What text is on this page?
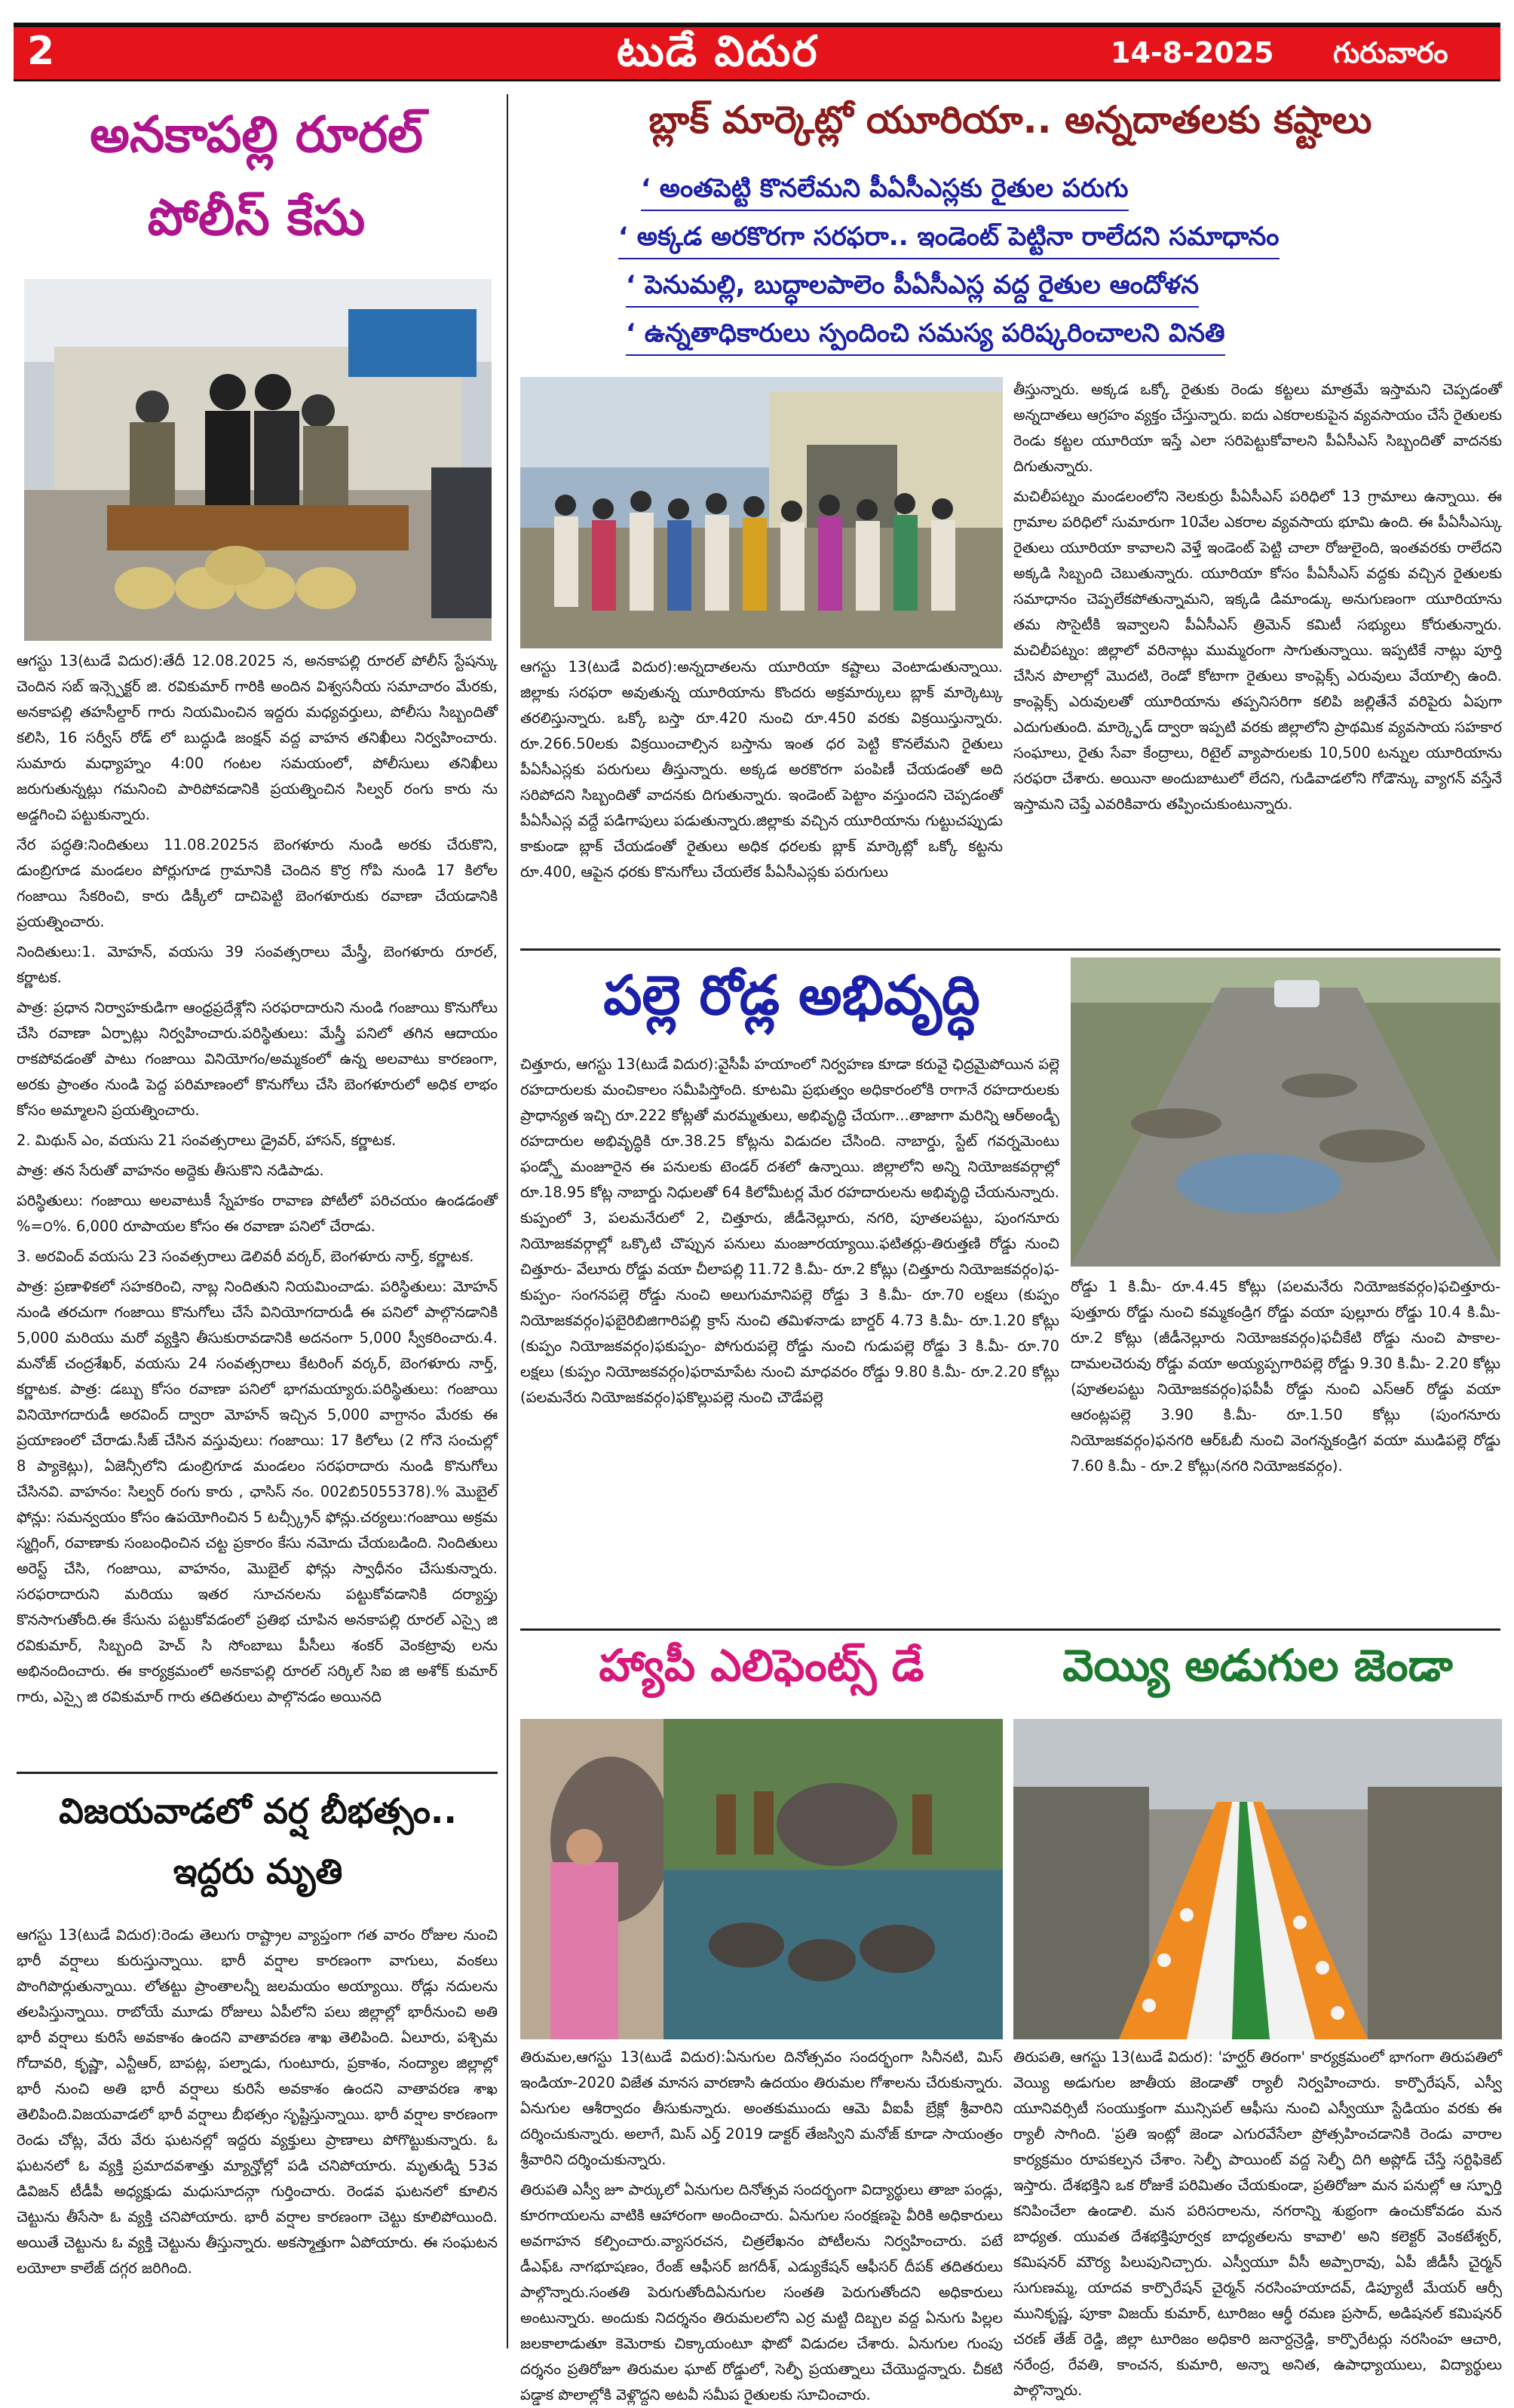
2	టుడే విదుర	14-8-2025 గురువారం
అనకాపల్లి రూరల్
పోలీస్ కేసు

ఆగస్టు 13(టుడే విదుర):తేదీ 12.08.2025 న, అనకాపల్లి రూరల్ పోలీస్ స్టేషన్కు చెందిన సబ్ ఇన్స్పెక్టర్ జి. రవికుమార్ గారికి అందిన విశ్వసనీయ సమాచారం మేరకు, అనకాపల్లి తహసీల్దార్ గారు నియమించిన ఇద్దరు మధ్యవర్తులు, పోలీసు సిబ్బందితో కలిసి, 16 సర్వీస్ రోడ్ లో బుద్ధుడి జంక్షన్ వద్ద వాహన తనిఖీలు నిర్వహించారు. సుమారు మధ్యాహ్నం 4:00 గంటల సమయంలో, పోలీసులు తనిఖీలు జరుగుతున్నట్లు గమనించి పారిపోవడానికి ప్రయత్నించిన సిల్వర్ రంగు కారు ను అడ్డగించి పట్టుకున్నారు.

నేర పద్ధతి:నిందితులు 11.08.2025న బెంగళూరు నుండి అరకు చేరుకొని, డుంబ్రిగూడ మండలం పోర్లుగూడ గ్రామానికి చెందిన కొర్ర గోపి నుండి 17 కిలోల గంజాయి సేకరించి, కారు డిక్కీలో దాచిపెట్టి బెంగళూరుకు రవాణా చేయడానికి ప్రయత్నించారు.

నిందితులు:1. మోహన్, వయసు 39 సంవత్సరాలు మేస్త్రీ, బెంగళూరు రూరల్, కర్ణాటక.

పాత్ర: ప్రధాన నిర్వాహకుడిగా ఆంధ్రప్రదేశ్లోని సరఫరాదారుని నుండి గంజాయి కొనుగోలు చేసి రవాణా ఏర్పాట్లు నిర్వహించారు.పరిస్థితులు: మేస్త్రీ పనిలో తగిన ఆదాయం రాకపోవడంతో పాటు గంజాయి వినియోగం/అమ్మకంలో ఉన్న అలవాటు కారణంగా, అరకు ప్రాంతం నుండి పెద్ద పరిమాణంలో కొనుగోలు చేసి బెంగళూరులో అధిక లాభం కోసం అమ్మాలని ప్రయత్నించారు.

2. మిథున్ ఎం, వయసు 21 సంవత్సరాలు డ్రైవర్, హాసన్, కర్ణాటక.

పాత్ర: తన సేరుతో వాహనం అద్దెకు తీసుకొని నడిపాడు.

పరిస్థితులు: గంజాయి అలవాటుకీ స్నేహకం రావాణ పోటీలో పరిచయం ఉండడంతో %=౦%. 6,000 రూపాయల కోసం ఈ రవాణా పనిలో చేరాడు.

3. అరవింద్ వయసు 23 సంవత్సరాలు డెలివరీ వర్కర్, బెంగళూరు నార్త్, కర్ణాటక.

పాత్ర: ప్రణాళికలో సహకరించి, నాబ్ల నిందితుని నియమించాడు. పరిస్థితులు: మోహన్ నుండి తరచుగా గంజాయి కొనుగోలు చేసే వినియోగదారుడీ ఈ పనిలో పాల్గొనడానికి 5,000 మరియు మరో వ్యక్తిని తీసుకురావడానికి అదనంగా 5,000 స్వీకరించారు.4. మనోజ్ చంద్రశేఖర్, వయసు 24 సంవత్సరాలు కేటరింగ్ వర్కర్, బెంగళూరు నార్త్, కర్ణాటక. పాత్ర: డబ్బు కోసం రవాణా పనిలో భాగమయ్యారు.పరిస్థితులు: గంజాయి వినియోగదారుడీ అరవింద్ ద్వారా మోహన్ ఇచ్చిన 5,000 వాగ్దానం మేరకు ఈ ప్రయాణంలో చేరాడు.సీజ్ చేసిన వస్తువులు: గంజాయి: 17 కిలోలు (2 గోనె సంచుల్లో 8 ప్యాకెట్లు), ఏజెన్సీలోని డుంబ్రిగూడ మండలం సరఫరాదారు నుండి కొనుగోలు చేసినవి. వాహనం: సిల్వర్ రంగు కారు , ఛాసిస్ నం. 002బి5055378).% మొబైల్ ఫోన్లు: సమన్వయం కోసం ఉపయోగించిన 5 టచ్స్క్రీన్ ఫోన్లు.చర్యలు:గంజాయి అక్రమ స్మగ్లింగ్, రవాణాకు సంబంధించిన చట్ట ప్రకారం కేసు నమోదు చేయబడింది. నిందితులు అరెస్ట్ చేసి, గంజాయి, వాహనం, మొబైల్ ఫోన్లు స్వాధీనం చేసుకున్నారు. సరఫరాదారుని మరియు ఇతర సూచనలను పట్టుకోవడానికి దర్యాప్తు కొనసాగుతోంది.ఈ కేసును పట్టుకోవడంలో ప్రతిభ చూపిన అనకాపల్లి రూరల్ ఎస్సై జి రవికుమార్, సిబ్బంది హెచ్ సి సోంబాబు పీసీలు శంకర్ వెంకట్రావు లను అభినందించారు. ఈ కార్యక్రమంలో అనకాపల్లి రూరల్ సర్కిల్ సిఐ జి అశోక్ కుమార్ గారు, ఎస్సై జి రవికుమార్ గారు తదితరులు పాల్గొనడం అయినది

విజయవాడలో వర్ష బీభత్సం..
ఇద్దరు మృతి

ఆగస్టు 13(టుడే విదుర):రెండు తెలుగు రాష్ట్రాల వ్యాప్తంగా గత వారం రోజుల నుంచి భారీ వర్షాలు కురుస్తున్నాయి. భారీ వర్షాల కారణంగా వాగులు, వంకలు పొంగిపొర్లుతున్నాయి. లోతట్టు ప్రాంతాలన్నీ జలమయం అయ్యాయి. రోడ్లు నదులను తలపిస్తున్నాయి. రాబోయే మూడు రోజులు ఏపీలోని పలు జిల్లాల్లో భారీనుంచి అతి భారీ వర్షాలు కురిసే అవకాశం ఉందని వాతావరణ శాఖ తెలిపింది. ఏలూరు, పశ్చిమ గోదావరి, కృష్ణా, ఎన్టీఆర్, బాపట్ల, పల్నాడు, గుంటూరు, ప్రకాశం, నంద్యాల జిల్లాల్లో భారీ నుంచి అతి భారీ వర్షాలు కురిసే అవకాశం ఉందని వాతావరణ శాఖ తెలిపింది.విజయవాడలో భారీ వర్షాలు బీభత్సం సృష్టిస్తున్నాయి. భారీ వర్షాల కారణంగా రెండు చోట్ల, వేరు వేరు ఘటనల్లో ఇద్దరు వ్యక్తులు ప్రాణాలు పోగొట్టుకున్నారు. ఓ ఘటనలో ఓ వ్యక్తి ప్రమాదవశాత్తు మ్యాన్హోల్లో పడి చనిపోయారు. మృతుడ్ని 53వ డివిజన్ టీడీపీ అధ్యక్షుడు మధుసూదన్గా గుర్తించారు. రెండవ ఘటనలో కూలిన చెట్టును తీసేసా ఓ వ్యక్తి చనిపోయారు. భారీ వర్షాల కారణంగా చెట్టు కూలిపోయింది. అయితే చెట్టును ఓ వ్యక్తి చెట్టును తీస్తున్నారు. అకస్మాత్తుగా ఏపోయారు. ఈ సంఘటన లయోలా కాలేజ్ దగ్గర జరిగింది.

బ్లాక్ మార్కెట్లో యూరియా.. అన్నదాతలకు కష్టాలు
‘ అంతపెట్టి కొనలేమని పీఏసీఎస్లకు రైతుల పరుగు
‘ అక్కడ అరకొరగా సరఫరా.. ఇండెంట్ పెట్టినా రాలేదని సమాధానం
‘ పెనుమల్లి, బుద్ధాలపాలెం పీఏసీఎస్ల వద్ద రైతుల ఆందోళన
‘ ఉన్నతాధికారులు స్పందించి సమస్య పరిష్కరించాలని వినతి

ఆగస్టు 13(టుడే విదుర):అన్నదాతలను యూరియా కష్టాలు వెంటాడుతున్నాయి. జిల్లాకు సరఫరా అవుతున్న యూరియాను కొందరు అక్రమార్కులు బ్లాక్ మార్కెట్కు తరలిస్తున్నారు. ఒక్కో బస్తా రూ.420 నుంచి రూ.450 వరకు విక్రయిస్తున్నారు. రూ.266.50లకు విక్రయించాల్సిన బస్తాను ఇంత ధర పెట్టి కొనలేమని రైతులు పీఏసీఎస్లకు పరుగులు తీస్తున్నారు. అక్కడ అరకొరగా పంపిణీ చేయడంతో అది సరిపోదని సిబ్బందితో వాదనకు దిగుతున్నారు. ఇండెంట్ పెట్టాం వస్తుందని చెప్పడంతో పీఏసీఎస్ల వద్దే పడిగాపులు పడుతున్నారు.జిల్లాకు వచ్చిన యూరియాను గుట్టుచప్పుడు కాకుండా బ్లాక్ చేయడంతో రైతులు అధిక ధరలకు బ్లాక్ మార్కెట్లో ఒక్కో కట్టను రూ.400, ఆపైన ధరకు కొనుగోలు చేయలేక పీఏసీఎస్లకు పరుగులు

తీస్తున్నారు. అక్కడ ఒక్కో రైతుకు రెండు కట్టలు మాత్రమే ఇస్తామని చెప్పడంతో అన్నదాతలు ఆగ్రహం వ్యక్తం చేస్తున్నారు. ఐదు ఎకరాలకుపైన వ్యవసాయం చేసే రైతులకు రెండు కట్టల యూరియా ఇస్తే ఎలా సరిపెట్టుకోవాలని పీఏసీఎస్ సిబ్బందితో వాదనకు దిగుతున్నారు.

మచిలీపట్నం మండలంలోని నెలకుర్రు పీఏసీఎస్ పరిధిలో 13 గ్రామాలు ఉన్నాయి. ఈ గ్రామాల పరిధిలో సుమారుగా 10వేల ఎకరాల వ్యవసాయ భూమి ఉంది. ఈ పీఏసీఎస్కు రైతులు యూరియా కావాలని వెళ్తే ఇండెంట్ పెట్టి చాలా రోజులైంది, ఇంతవరకు రాలేదని అక్కడి సిబ్బంది చెబుతున్నారు. యూరియా కోసం పీఏసీఎస్ వద్దకు వచ్చిన రైతులకు సమాధానం చెప్పలేకపోతున్నామని, ఇక్కడి డిమాండ్కు అనుగుణంగా యూరియాను తమ సొసైటీకి ఇవ్వాలని పీఏసీఎస్ త్రిమెన్ కమిటీ సభ్యులు కోరుతున్నారు. మచిలీపట్నం: జిల్లాలో వరినాట్లు ముమ్మరంగా సాగుతున్నాయి. ఇప్పటికే నాట్లు పూర్తి చేసిన పొలాల్లో మొదటి, రెండో కోటాగా రైతులు కాంప్లెక్స్ ఎరువులు వేయాల్సి ఉంది. కాంప్లెక్స్ ఎరువులతో యూరియాను తప్పనిసరిగా కలిపి జల్లితేనే వరిపైరు ఏపుగా ఎదుగుతుంది. మార్క్ఫెడ్ ద్వారా ఇప్పటి వరకు జిల్లాలోని ప్రాథమిక వ్యవసాయ సహకార సంఘాలు, రైతు సేవా కేంద్రాలు, రిటైల్ వ్యాపారులకు 10,500 టన్నుల యూరియాను సరఫరా చేశారు. అయినా అందుబాటులో లేదని, గుడివాడలోని గోడౌన్కు వ్యాగన్ వస్తేనే ఇస్తామని చెప్తే ఎవరికివారు తప్పించుకుంటున్నారు.

పల్లె రోడ్ల అభివృద్ధి

చిత్తూరు, ఆగస్టు 13(టుడే విదుర):వైసీపీ హయాంలో నిర్వహణ కూడా కరువై ఛిద్రమైపోయిన పల్లె రహదారులకు మంచికాలం సమీపిస్తోంది. కూటమి ప్రభుత్వం అధికారంలోకి రాగానే రహదారులకు ప్రాధాన్యత ఇచ్చి రూ.222 కోట్లతో మరమ్మతులు, అభివృద్ధి చేయగా...తాజాగా మరిన్ని ఆర్అండ్బీ రహదారుల అభివృద్ధికి రూ.38.25 కోట్లను విడుదల చేసింది. నాబార్డు, స్టేట్ గవర్నమెంటు ఫండ్స్తో మంజూరైన ఈ పనులకు టెండర్ దశలో ఉన్నాయి. జిల్లాలోని అన్ని నియోజకవర్గాల్లో రూ.18.95 కోట్ల నాబార్డు నిధులతో 64 కిలోమీటర్ల మేర రహదారులను అభివృద్ధి చేయనున్నారు. కుప్పంలో 3, పలమనేరులో 2, చిత్తూరు, జీడీనెల్లూరు, నగరి, పూతలపట్టు, పుంగనూరు నియోజకవర్గాల్లో ఒక్కొటి చొప్పున పనులు మంజూరయ్యాయి.ఫటితర్లు-తిరుత్తణి రోడ్డు నుంచి చిత్తూరు- వేలూరు రోడ్డు వయా చీలాపల్లి 11.72 కి.మీ- రూ.2 కోట్లు (చిత్తూరు నియోజకవర్గం)ఫ-కుప్పం- సంగనపల్లె రోడ్డు నుంచి అలుగుమానిపల్లె రోడ్డు 3 కి.మీ- రూ.70 లక్షలు (కుప్పం నియోజకవర్గం)ఫబైరిబిజిగారిపల్లి క్రాస్ నుంచి తమిళనాడు బార్డర్ 4.73 కి.మీ- రూ.1.20 కోట్లు (కుప్పం నియోజకవర్గం)ఫకుప్పం- పోగురుపల్లె రోడ్డు నుంచి గుడుపల్లె రోడ్డు 3 కి.మీ- రూ.70 లక్షలు (కుప్పం నియోజకవర్గం)ఫరామాపేట నుంచి మాధవరం రోడ్డు 9.80 కి.మీ- రూ.2.20 కోట్లు (పలమనేరు నియోజకవర్గం)ఫకొల్లుపల్లె నుంచి చౌడేపల్లె

రోడ్డు 1 కి.మీ- రూ.4.45 కోట్లు (పలమనేరు నియోజకవర్గం)ఫచిత్తూరు- పుత్తూరు రోడ్డు నుంచి కమ్మకండ్రిగ రోడ్డు వయా పుల్లూరు రోడ్డు 10.4 కి.మీ- రూ.2 కోట్లు (జీడీనెల్లూరు నియోజకవర్గం)ఫచీకేటి రోడ్డు నుంచి పాకాల- దామలచెరువు రోడ్డు వయా అయ్యప్పగారిపల్లె రోడ్డు 9.30 కి.మీ- 2.20 కోట్లు (పూతలపట్టు నియోజకవర్గం)ఫపీపీ రోడ్డు నుంచి ఎస్ఆర్ రోడ్డు వయా ఆరంట్లపల్లె 3.90 కి.మీ- రూ.1.50 కోట్లు (పుంగనూరు నియోజకవర్గం)ఫనగరి ఆర్ఓబీ నుంచి వెంగన్నకండ్రిగ వయా ముడిపల్లె రోడ్డు 7.60 కి.మీ - రూ.2 కోట్లు(నగరి నియోజకవర్గం).

హ్యాపీ ఎలిఫెంట్స్ డే

తిరుమల,ఆగస్టు 13(టుడే విదుర):ఏనుగుల దినోత్సవం సందర్భంగా సినీనటి, మిస్ ఇండియా-2020 విజేత మానస వారణాసి ఉదయం తిరుమల గోశాలను చేరుకున్నారు. ఏనుగుల ఆశీర్వాదం తీసుకున్నారు. అంతకుముందు ఆమె వీఐపీ బ్రేక్లో శ్రీవారిని దర్శించుకున్నారు. అలాగే, మిస్ ఎర్త్ 2019 డాక్టర్ తేజస్విని మనోజ్ కూడా సాయంత్రం శ్రీవారిని దర్శించుకున్నారు.

తిరుపతి ఎస్వీ జూ పార్కులో ఏనుగుల దినోత్సవ సందర్భంగా విద్యార్థులు తాజా పండ్లు, కూరగాయలను వాటికి ఆహారంగా అందించారు. ఏనుగుల సంరక్షణపై వీరికి అధికారులు అవగాహన కల్పించారు.వ్యాసరచన, చిత్రలేఖనం పోటీలను నిర్వహించారు. పటే డీఎఫ్ఓ నాగభూషణం, రేంజ్ ఆఫీసర్ జగదీశ్, ఎడ్యుకేషన్ ఆఫీసర్ దీపక్ తదితరులు పాల్గొన్నారు.సంతతి పెరుగుతోందిఏనుగుల సంతతి పెరుగుతోందని అధికారులు అంటున్నారు. అందుకు నిదర్శనం తిరుమలలోని ఎర్ర మట్టి దిబ్బల వద్ద ఏనుగు పిల్లల జలకాలాడుతూ కెమెరాకు చిక్కాయంటూ ఫొటో విడుదల చేశారు. ఏనుగుల గుంపు దర్శనం ప్రతిరోజూ తిరుమల ఘాట్ రోడ్డులో, సెల్ఫీ ప్రయత్నాలు చేయొద్దన్నారు. చీకటి పడ్డాక పొలాల్లోకి వెళ్లొద్దని అటవీ సమీప రైతులకు సూచించారు.

వెయ్యి అడుగుల జెండా

తిరుపతి, ఆగస్టు 13(టుడే విదుర): 'హర్ఘర్ తిరంగా' కార్యక్రమంలో భాగంగా తిరుపతిలో వెయ్యి అడుగుల జాతీయ జెండాతో ర్యాలీ నిర్వహించారు. కార్పొరేషన్, ఎస్వీ యూనివర్సిటీ సంయుక్తంగా మున్సిపల్ ఆఫీసు నుంచి ఎస్వీయూ స్టేడియం వరకు ఈ ర్యాలీ సాగింది. 'ప్రతి ఇంట్లో జెండా ఎగురవేసేలా ప్రోత్సహించడానికి రెండు వారాల కార్యక్రమం రూపకల్పన చేశాం. సెల్ఫీ పాయింట్ వద్ద సెల్ఫీ దిగి అప్లోడ్ చేస్తే సర్టిఫికెట్ ఇస్తారు. దేశభక్తిని ఒక రోజుకే పరిమితం చేయకుండా, ప్రతిరోజూ మన పనుల్లో ఆ స్ఫూర్తి కనిపించేలా ఉండాలి. మన పరిసరాలను, నగరాన్ని శుభ్రంగా ఉంచుకోవడం మన బాధ్యత. యువత దేశభక్తిపూర్వక బాధ్యతలను కావాలి' అని కలెక్టర్ వెంకటేశ్వర్, కమిషనర్ మౌర్య పిలుపునిచ్చారు. ఎస్వీయూ వీసీ అప్పారావు, ఏపీ జీడీసీ చైర్మన్ సుగుణమ్మ, యాదవ కార్పొరేషన్ చైర్మన్ నరసింహయాదవ్, డిప్యూటీ మేయర్ ఆర్సీ మునికృష్ణ, పూకా విజయ్ కుమార్, టూరిజం ఆర్ఢీ రమణ ప్రసాద్, అడిషనల్ కమిషనర్ చరణ్ తేజ్ రెడ్డి, జిల్లా టూరిజం అధికారి జనార్దన్రెడ్డి, కార్పొరేటర్లు నరసింహ ఆచారి, నరేంద్ర, రేవతి, కాంచన, కుమారి, అన్నా అనిత, ఉపాధ్యాయులు, విద్యార్థులు పాల్గొన్నారు.
